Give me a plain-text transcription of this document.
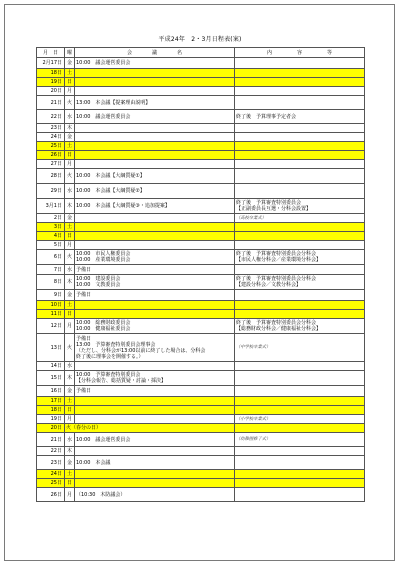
平成24年　2・3月日程表(案)
月　 日	曜	会　　　　議　　　　名	内　　　　　容　　　　　等
2月17日	金	10:00　議会運営委員会	
18日	土		
19日	日		
20日	月		
21日	火	13:00　本会議【提案理由説明】	
22日	水	10:00　議会運営委員会	終了後　予算理事予定者会
23日	木		
24日	金		
25日	土		
26日	日		
27日	月		
28日	火	10:00　本会議【大綱質疑①】	
29日	水	10:00　本会議【大綱質疑②】	
3月1日	木	10:00　本会議【大綱質疑③・追加提案】	終了後　予算審査特別委員会
【正副委員長互選・分科会設置】
2日	金		（高校卒業式）
3日	土		
4日	日		
5日	月		
6日	火	10:00　市民人権委員会
10:00　産業環境委員会	終了後　予算審査特別委員会分科会
【市民人権分科会／産業環境分科会】
7日	水	予備日	
8日	木	10:00　建設委員会
10:00　文教委員会	終了後　予算審査特別委員会分科会
【建設分科会／文教分科会】
9日	金	予備日	
10日	土		
11日	日		
12日	月	10:00　総務財政委員会
10:00　健康福祉委員会	終了後　予算審査特別委員会分科会
【総務財政分科会／健康福祉分科会】
13日	火	予備日
13:00　予算審査特別委員会理事会
（ただし、分科会が13:00以前に終了した場合は、分科会
終了後に理事会を開催する。）	（中学校卒業式）
14日	水		
15日	木	10:00　予算審査特別委員会
【分科会報告、総括質疑・討論・採決】	
16日	金	予備日	
17日	土		
18日	日		
19日	月		（小学校卒業式）
20日	火（春分の日）		
21日	水	10:00　議会運営委員会	（幼稚園修了式）
22日	木		
23日	金	10:00　本会議	
24日	土		
25日	日		
26日	月	（10:30　木防議会）	
